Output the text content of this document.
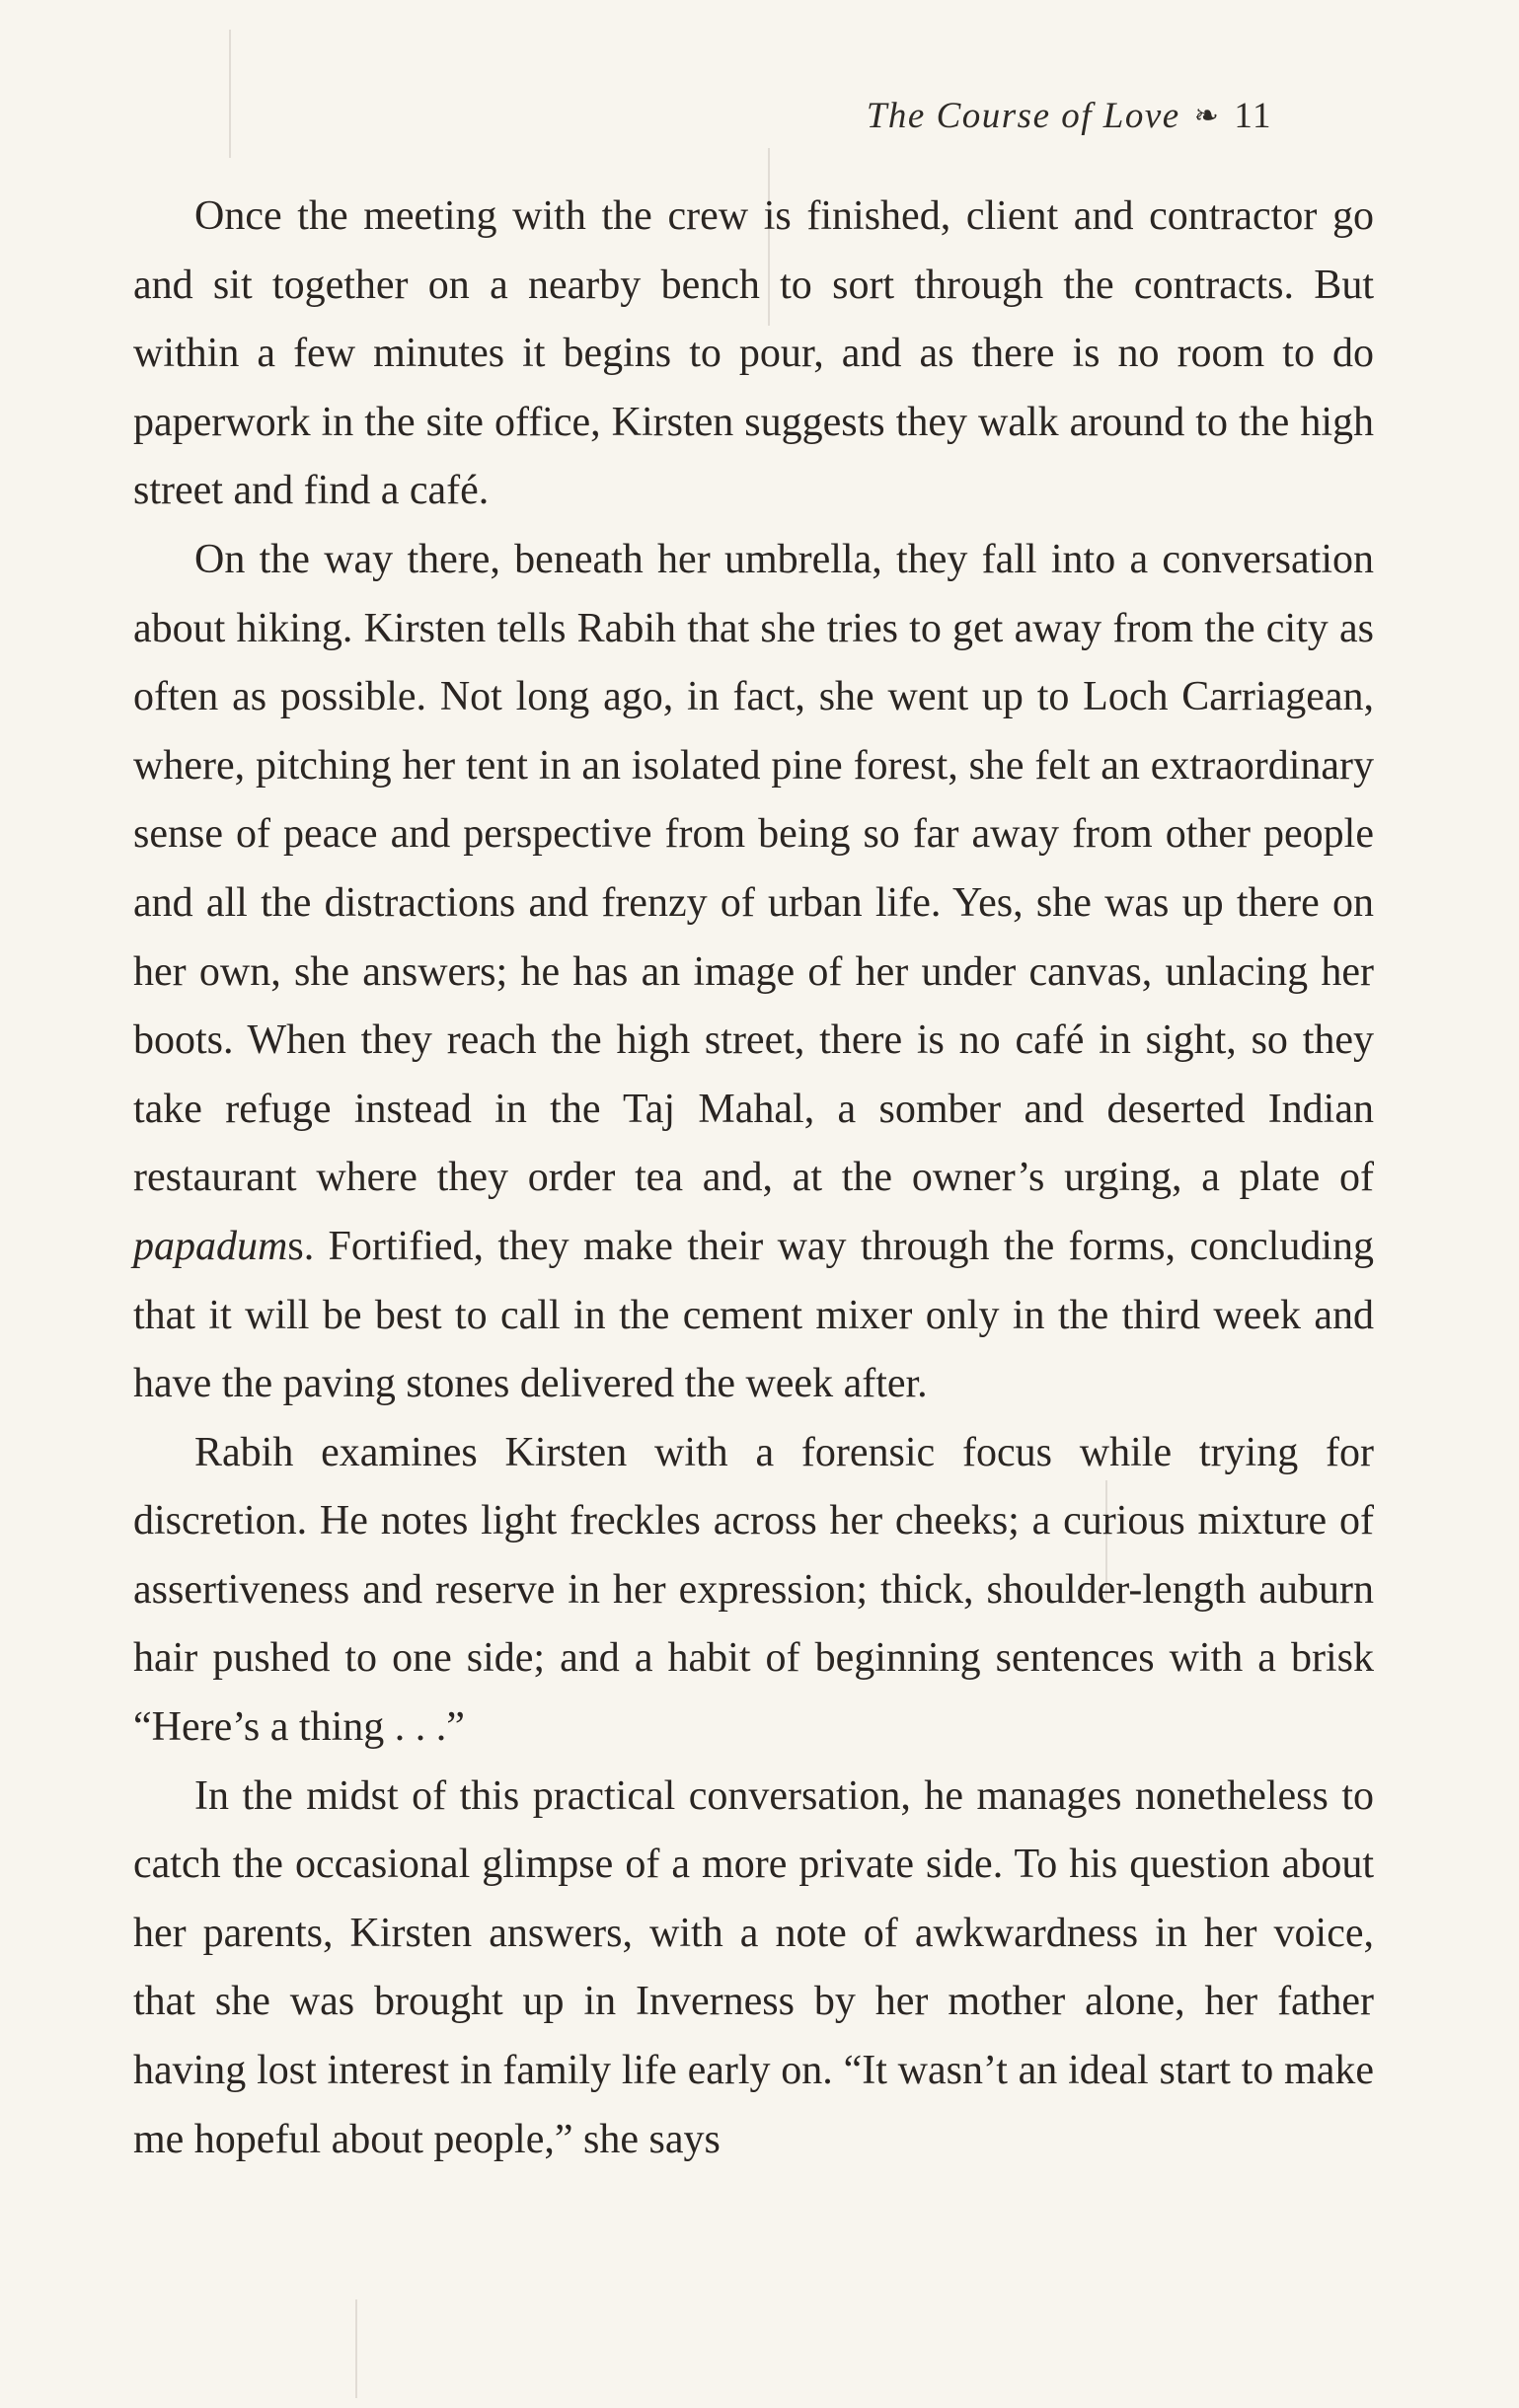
The Course of Love ❧ 11

Once the meeting with the crew is finished, client and contractor go and sit together on a nearby bench to sort through the contracts. But within a few minutes it begins to pour, and as there is no room to do paperwork in the site office, Kirsten suggests they walk around to the high street and find a café.

On the way there, beneath her umbrella, they fall into a conversation about hiking. Kirsten tells Rabih that she tries to get away from the city as often as possible. Not long ago, in fact, she went up to Loch Carriagean, where, pitching her tent in an isolated pine forest, she felt an extraordinary sense of peace and perspective from being so far away from other people and all the distractions and frenzy of urban life. Yes, she was up there on her own, she answers; he has an image of her under canvas, unlacing her boots. When they reach the high street, there is no café in sight, so they take refuge instead in the Taj Mahal, a somber and deserted Indian restaurant where they order tea and, at the owner’s urging, a plate of papadums. Fortified, they make their way through the forms, concluding that it will be best to call in the cement mixer only in the third week and have the paving stones delivered the week after.

Rabih examines Kirsten with a forensic focus while trying for discretion. He notes light freckles across her cheeks; a curious mixture of assertiveness and reserve in her expression; thick, shoulder-length auburn hair pushed to one side; and a habit of beginning sentences with a brisk “Here’s a thing . . .”

In the midst of this practical conversation, he manages nonetheless to catch the occasional glimpse of a more private side. To his question about her parents, Kirsten answers, with a note of awkwardness in her voice, that she was brought up in Inverness by her mother alone, her father having lost interest in family life early on. “It wasn’t an ideal start to make me hopeful about people,” she says
